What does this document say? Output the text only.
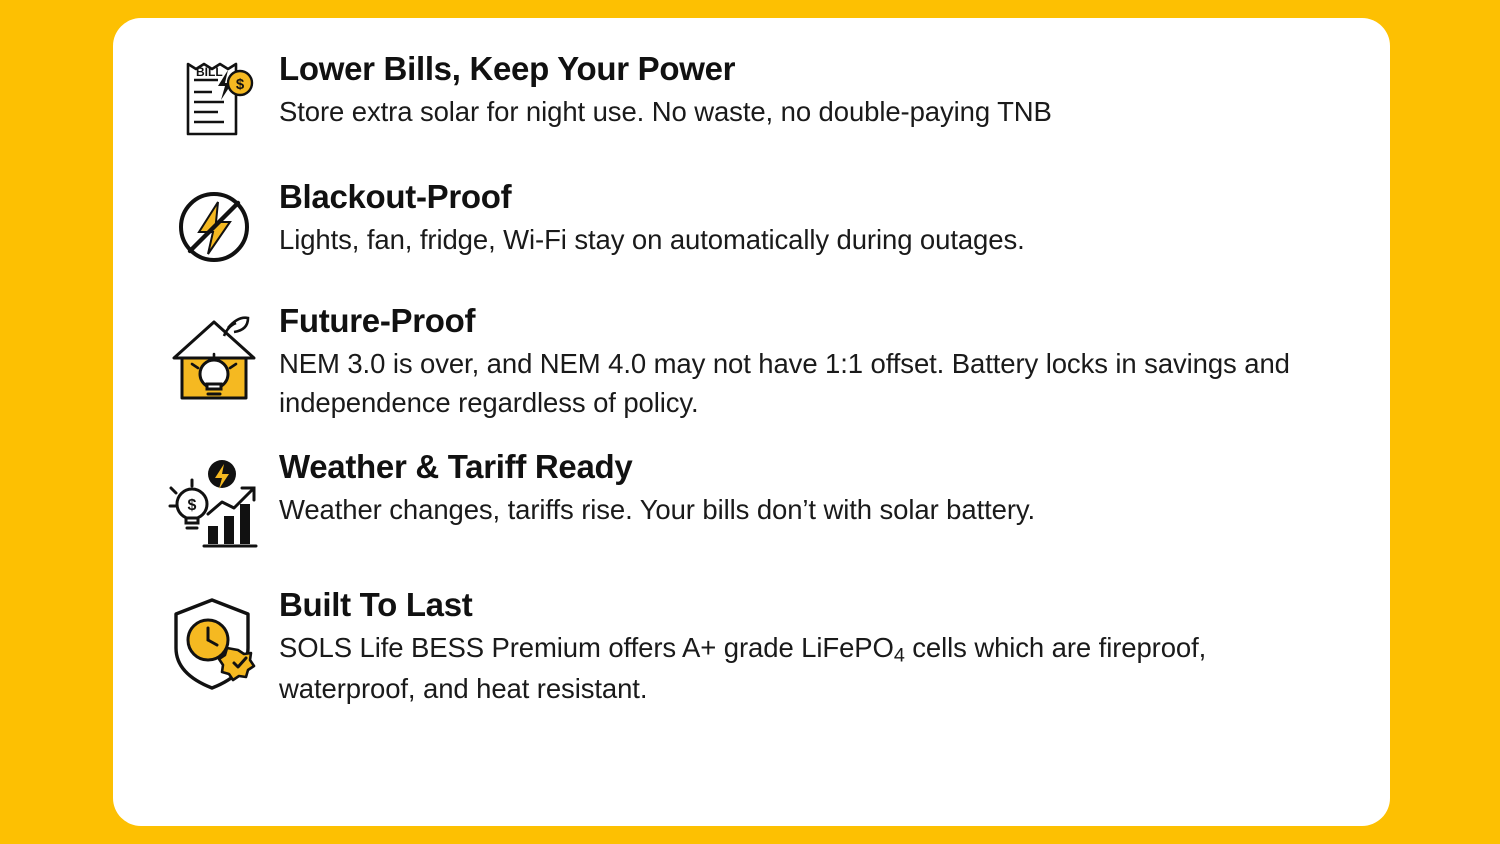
BILL
$ Lower Bills, Keep Your Power
Store extra solar for night use. No waste, no double-paying TNB
Blackout-Proof
Lights, fan, fridge, Wi-Fi stay on automatically during outages.
Future-Proof
NEM 3.0 is over, and NEM 4.0 may not have 1:1 offset. Battery locks in savings and independence regardless of policy.
$
Weather & Tariff Ready
Weather changes, tariffs rise. Your bills don’t with solar battery.
Built To Last
SOLS Life BESS Premium offers A+ grade LiFePO$_4$ cells which are fireproof, waterproof, and heat resistant.
